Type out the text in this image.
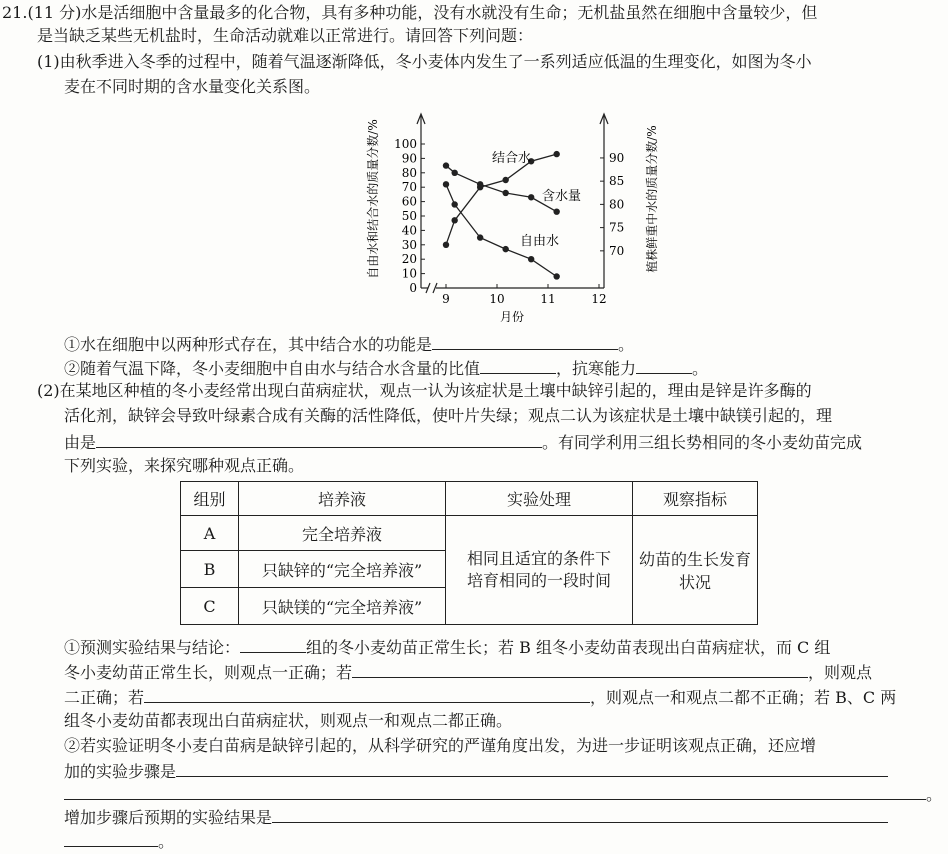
21.(11 分)水是活细胞中含量最多的化合物，具有多种功能，没有水就没有生命；无机盐虽然在细胞中含量较少，但
是当缺乏某些无机盐时，生命活动就难以正常进行。请回答下列问题：
(1)由秋季进入冬季的过程中，随着气温逐渐降低，冬小麦体内发生了一系列适应低温的生理变化，如图为冬小
麦在不同时期的含水量变化关系图。
0
10
20
30
40
50
60
70
80
90
100
70
75
80
85
90
9	10	11	12
月份
自由水和结合水的质量分数/%	植株鲜重中水的质量分数/%
结合水
含水量
自由水
①水在细胞中以两种形式存在，其中结合水的功能是	。
②随着气温下降，冬小麦细胞中自由水与结合水含量的比值	，抗寒能力	。
(2)在某地区种植的冬小麦经常出现白苗病症状，观点一认为该症状是土壤中缺锌引起的，理由是锌是许多酶的
活化剂，缺锌会导致叶绿素合成有关酶的活性降低，使叶片失绿；观点二认为该症状是土壤中缺镁引起的，理
由是	。有同学利用三组长势相同的冬小麦幼苗完成
下列实验，来探究哪种观点正确。
组别	培养液	实验处理	观察指标
A	完全培养液	相同且适宜的条件下
培育相同的一段时间	幼苗的生长发育状况
B	只缺锌的“完全培养液”		
C	只缺镁的“完全培养液”		
①预测实验结果与结论：	组的冬小麦幼苗正常生长；若 B 组冬小麦幼苗表现出白苗病症状，而 C 组
冬小麦幼苗正常生长，则观点一正确；若	，则观点
二正确；若	，则观点一和观点二都不正确；若 B、C 两
组冬小麦幼苗都表现出白苗病症状，则观点一和观点二都正确。
②若实验证明冬小麦白苗病是缺锌引起的，从科学研究的严谨角度出发，为进一步证明该观点正确，还应增
加的实验步骤是
。
增加步骤后预期的实验结果是
。
